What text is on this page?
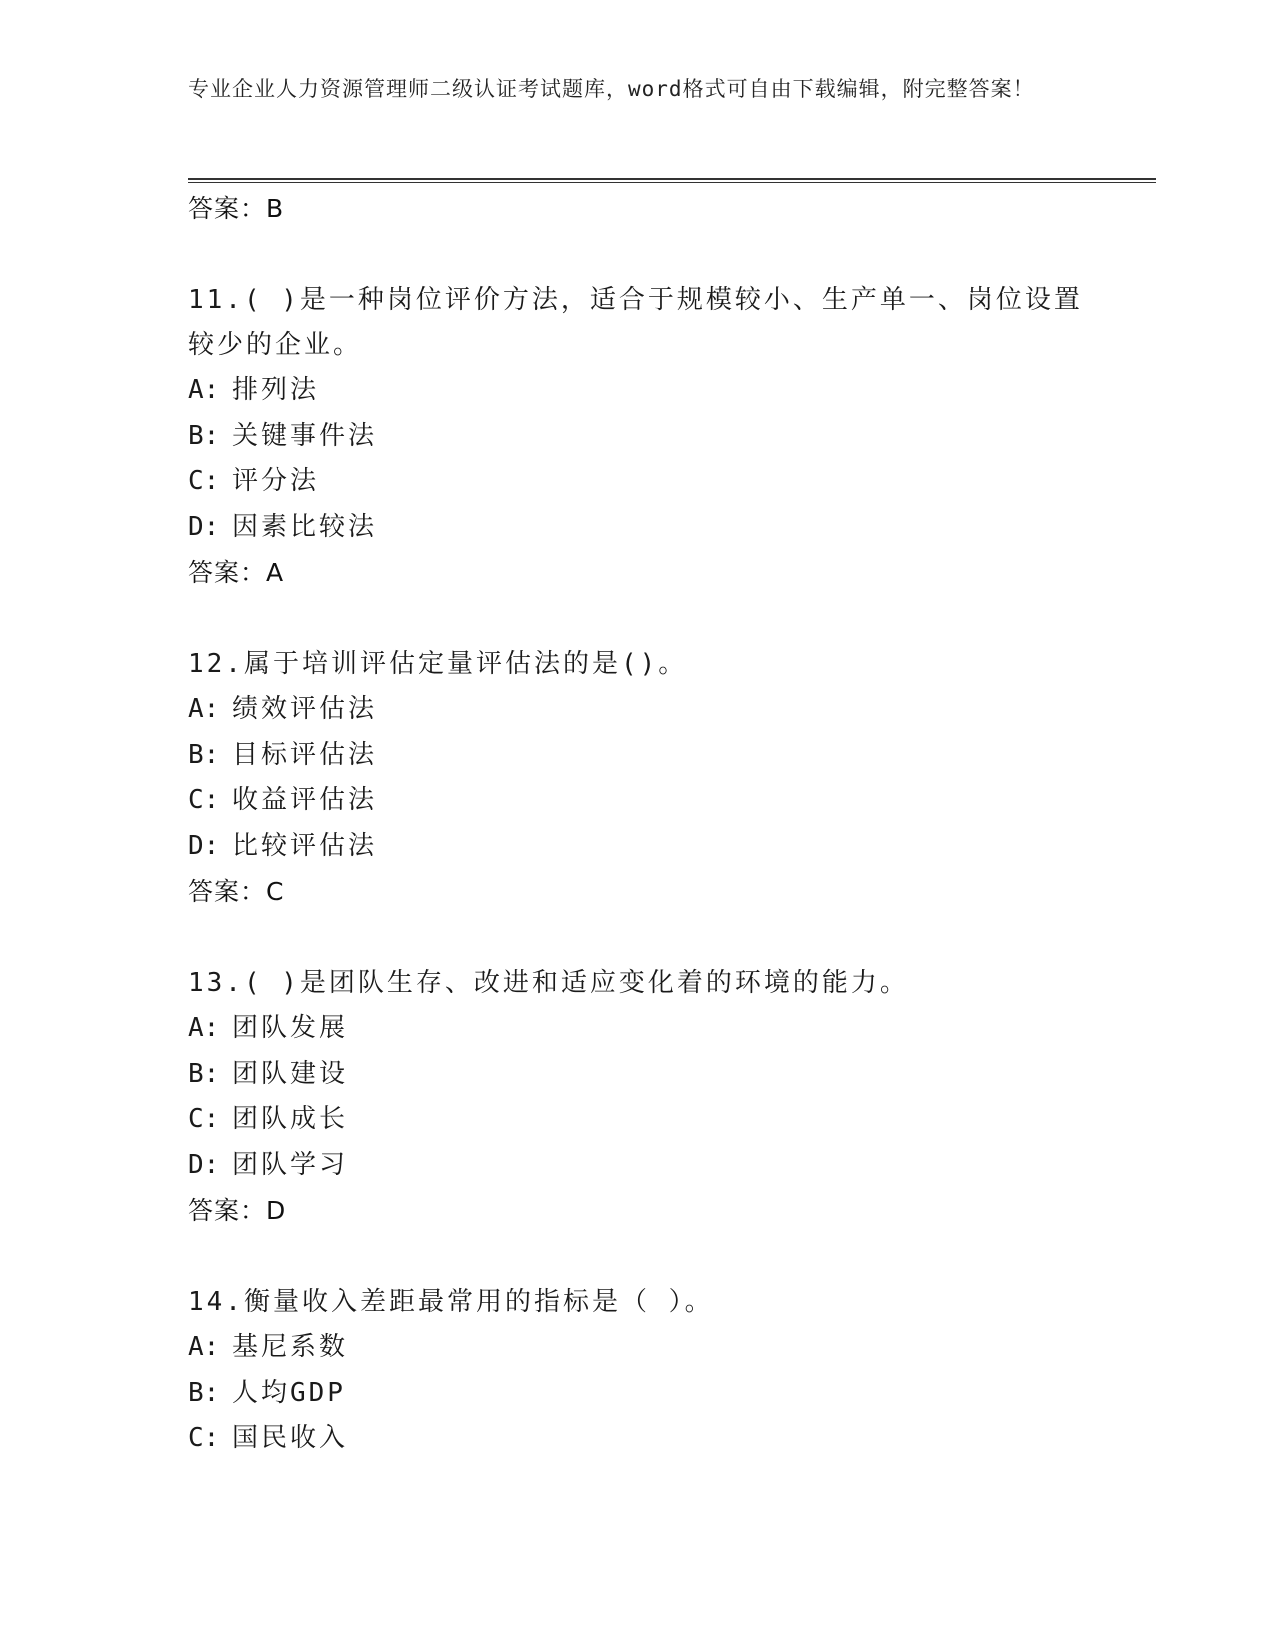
专业企业人力资源管理师二级认证考试题库，word格式可自由下载编辑，附完整答案！
答案：B
11.( )是一种岗位评价方法，适合于规模较小、生产单一、岗位设置较少的企业。
A: 排列法
B: 关键事件法
C: 评分法
D: 因素比较法
答案：A
12.属于培训评估定量评估法的是()。
A: 绩效评估法
B: 目标评估法
C: 收益评估法
D: 比较评估法
答案：C
13.( )是团队生存、改进和适应变化着的环境的能力。
A: 团队发展
B: 团队建设
C: 团队成长
D: 团队学习
答案：D
14.衡量收入差距最常用的指标是（ ）。
A: 基尼系数
B: 人均GDP
C: 国民收入
